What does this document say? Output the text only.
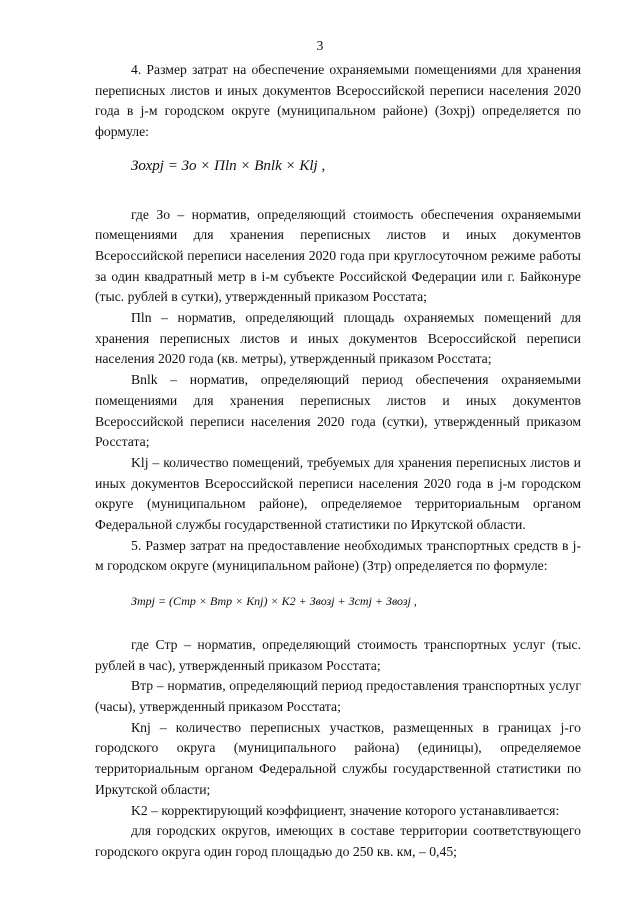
3

4. Размер затрат на обеспечение охраняемыми помещениями для хранения переписных листов и иных документов Всероссийской переписи населения 2020 года в j-м городском округе (муниципальном районе) (Зохрj) определяется по формуле:

Зохрj = Зо × Пln × Bnlk × Klj ,

где Зо – норматив, определяющий стоимость обеспечения охраняемыми помещениями для хранения переписных листов и иных документов Всероссийской переписи населения 2020 года при круглосуточном режиме работы за один квадратный метр в i-м субъекте Российской Федерации или г. Байконуре (тыс. рублей в сутки), утвержденный приказом Росстата;

Пln – норматив, определяющий площадь охраняемых помещений для хранения переписных листов и иных документов Всероссийской переписи населения 2020 года (кв. метры), утвержденный приказом Росстата;

Bnlk – норматив, определяющий период обеспечения охраняемыми помещениями для хранения переписных листов и иных документов Всероссийской переписи населения 2020 года (сутки), утвержденный приказом Росстата;

Klj – количество помещений, требуемых для хранения переписных листов и иных документов Всероссийской переписи населения 2020 года в j-м городском округе (муниципальном районе), определяемое территориальным органом Федеральной службы государственной статистики по Иркутской области.

5. Размер затрат на предоставление необходимых транспортных средств в j-м городском округе (муниципальном районе) (Зтр) определяется по формуле:

Зтрj = (Стр × Втр × Кnj) × K2 + Звозj + Зстj + Звозj ,

где Стр – норматив, определяющий стоимость транспортных услуг (тыс. рублей в час), утвержденный приказом Росстата;

Втр – норматив, определяющий период предоставления транспортных услуг (часы), утвержденный приказом Росстата;

Кnj – количество переписных участков, размещенных в границах j-го городского округа (муниципального района) (единицы), определяемое территориальным органом Федеральной службы государственной статистики по Иркутской области;

K2 – корректирующий коэффициент, значение которого устанавливается:

для городских округов, имеющих в составе территории соответствующего городского округа один город площадью до 250 кв. км, – 0,45;
